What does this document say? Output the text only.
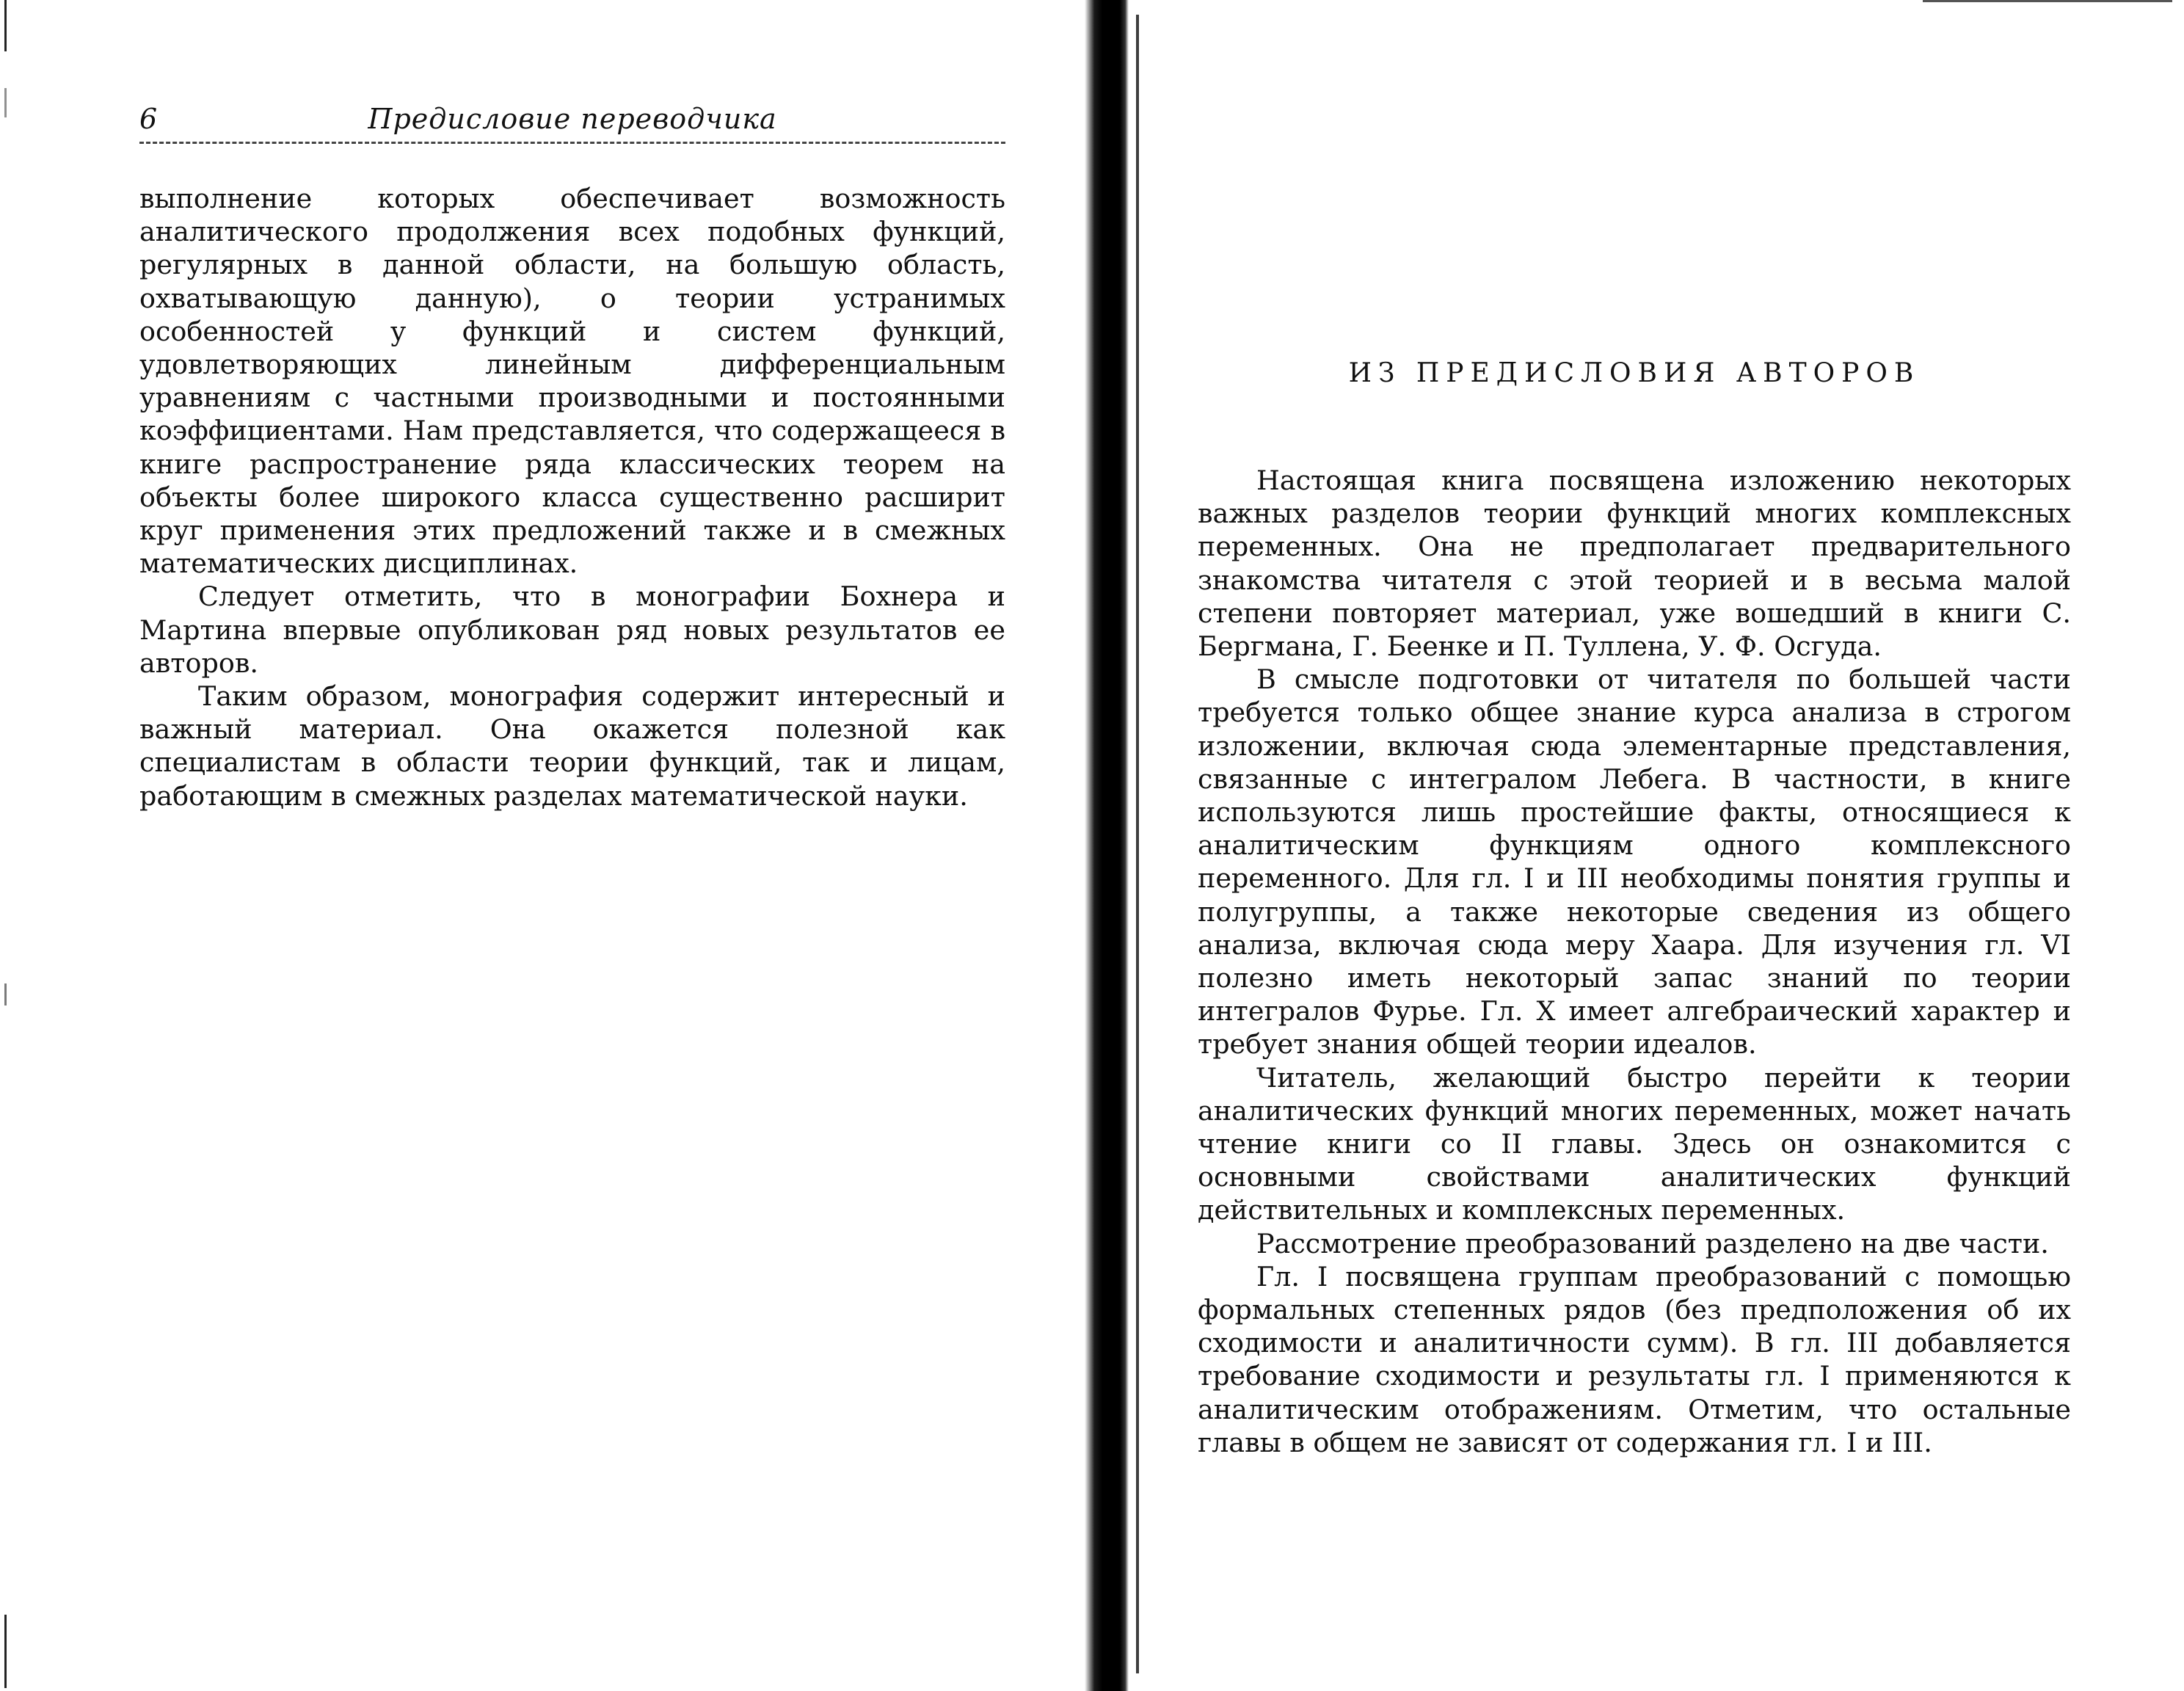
6	Предисловие переводчика

выполнение которых обеспечивает возможность аналитического продолжения всех подобных функций, регулярных в данной области, на большую область, охватывающую данную), о теории устранимых особенностей у функций и систем функций, удовлетворяющих линейным дифференциальным уравнениям с частными производными и постоянными коэффициентами. Нам представляется, что содержащееся в книге распространение ряда классических теорем на объекты более широкого класса существенно расширит круг применения этих предложений также и в смежных математических дисциплинах.

Следует отметить, что в монографии Бохнера и Мартина впервые опубликован ряд новых результатов ее авторов.

Таким образом, монография содержит интересный и важный материал. Она окажется полезной как специалистам в области теории функций, так и лицам, работающим в смежных разделах математической науки.

ИЗ ПРЕДИСЛОВИЯ АВТОРОВ

Настоящая книга посвящена изложению некоторых важных разделов теории функций многих комплексных переменных. Она не предполагает предварительного знакомства читателя с этой теорией и в весьма малой степени повторяет материал, уже вошедший в книги С. Бергмана, Г. Беенке и П. Туллена, У. Ф. Осгуда.

В смысле подготовки от читателя по большей части требуется только общее знание курса анализа в строгом изложении, включая сюда элементарные представления, связанные с интегралом Лебега. В частности, в книге используются лишь простейшие факты, относящиеся к аналитическим функциям одного комплексного переменного. Для гл. I и III необходимы понятия группы и полугруппы, а также некоторые сведения из общего анализа, включая сюда меру Хаара. Для изучения гл. VI полезно иметь некоторый запас знаний по теории интегралов Фурье. Гл. X имеет алгебраический характер и требует знания общей теории идеалов.

Читатель, желающий быстро перейти к теории аналитических функций многих переменных, может начать чтение книги со II главы. Здесь он ознакомится с основными свойствами аналитических функций действительных и комплексных переменных.

Рассмотрение преобразований разделено на две части.

Гл. I посвящена группам преобразований с помощью формальных степенных рядов (без предположения об их сходимости и аналитичности сумм). В гл. III добавляется требование сходимости и результаты гл. I применяются к аналитическим отображениям. Отметим, что остальные главы в общем не зависят от содержания гл. I и III.
